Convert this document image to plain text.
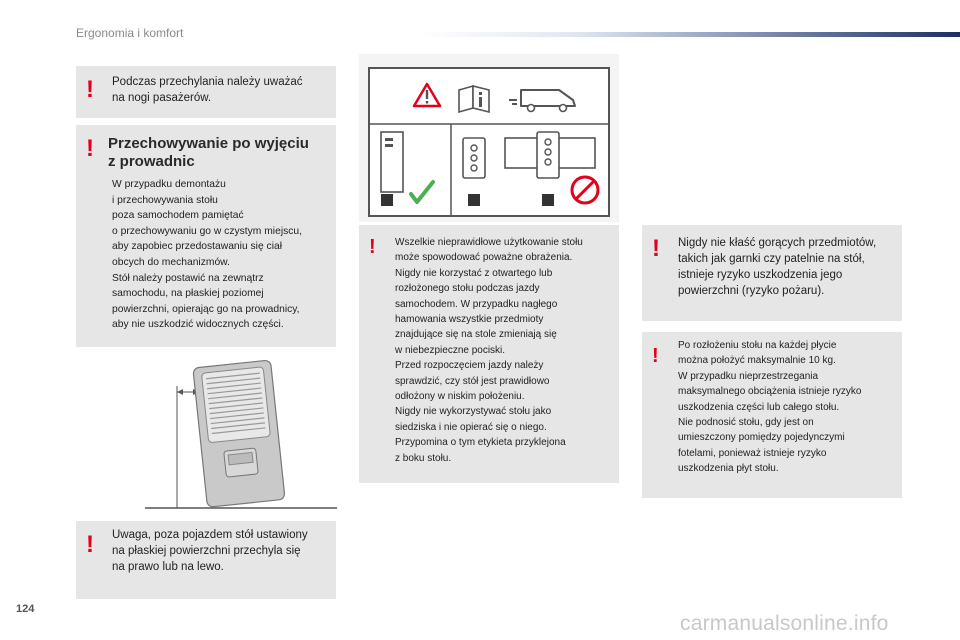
Ergonomia i komfort
! Podczas przechylania należy uważać
na nogi pasażerów.
! Przechowywanie po wyjęciu
z prowadnic
W przypadku demontażu
i przechowywania stołu
poza samochodem pamiętać
o przechowywaniu go w czystym miejscu,
aby zapobiec przedostawaniu się ciał
obcych do mechanizmów.
Stół należy postawić na zewnątrz
samochodu, na płaskiej poziomej
powierzchni, opierając go na prowadnicy,
aby nie uszkodzić widocznych części.
! Uwaga, poza pojazdem stół ustawiony
na płaskiej powierzchni przechyla się
na prawo lub na lewo.
! Wszelkie nieprawidłowe użytkowanie stołu
może spowodować poważne obrażenia.
Nigdy nie korzystać z otwartego lub
rozłożonego stołu podczas jazdy
samochodem. W przypadku nagłego
hamowania wszystkie przedmioty
znajdujące się na stole zmieniają się
w niebezpieczne pociski.
Przed rozpoczęciem jazdy należy
sprawdzić, czy stół jest prawidłowo
odłożony w niskim położeniu.
Nigdy nie wykorzystywać stołu jako
siedziska i nie opierać się o niego.
Przypomina o tym etykieta przyklejona
z boku stołu.
! Nigdy nie kłaść gorących przedmiotów,
takich jak garnki czy patelnie na stół,
istnieje ryzyko uszkodzenia jego
powierzchni (ryzyko pożaru).
! Po rozłożeniu stołu na każdej płycie
można położyć maksymalnie 10 kg.
W przypadku nieprzestrzegania
maksymalnego obciążenia istnieje ryzyko
uszkodzenia części lub całego stołu.
Nie podnosić stołu, gdy jest on
umieszczony pomiędzy pojedynczymi
fotelami, ponieważ istnieje ryzyko
uszkodzenia płyt stołu.
124
carmanualsonline.info
